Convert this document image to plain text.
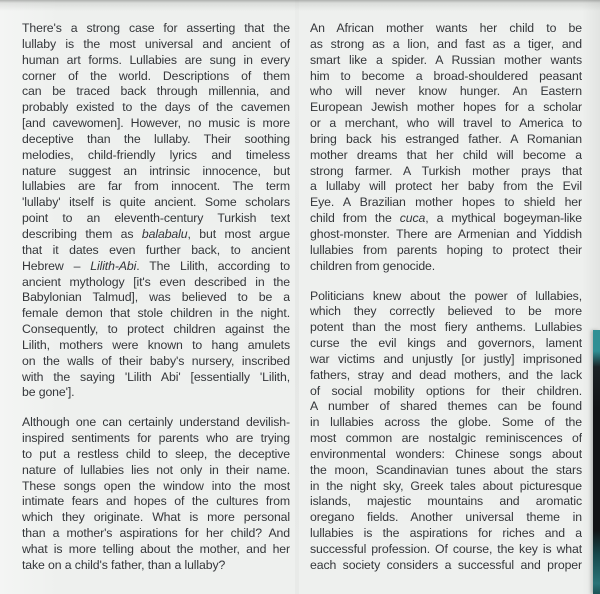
There's a strong case for asserting that the
lullaby is the most universal and ancient of
human art forms. Lullabies are sung in every
corner of the world. Descriptions of them
can be traced back through millennia, and
probably existed to the days of the cavemen
[and cavewomen]. However, no music is more
deceptive than the lullaby. Their soothing
melodies, child-friendly lyrics and timeless
nature suggest an intrinsic innocence, but
lullabies are far from innocent. The term
'lullaby' itself is quite ancient. Some scholars
point to an eleventh-century Turkish text
describing them as balabalu, but most argue
that it dates even further back, to ancient
Hebrew – Lilith-Abi. The Lilith, according to
ancient mythology [it's even described in the
Babylonian Talmud], was believed to be a
female demon that stole children in the night.
Consequently, to protect children against the
Lilith, mothers were known to hang amulets
on the walls of their baby's nursery, inscribed
with the saying 'Lilith Abi' [essentially 'Lilith,
be gone'].
Although one can certainly understand devilish-
inspired sentiments for parents who are trying
to put a restless child to sleep, the deceptive
nature of lullabies lies not only in their name.
These songs open the window into the most
intimate fears and hopes of the cultures from
which they originate. What is more personal
than a mother's aspirations for her child? And
what is more telling about the mother, and her
take on a child's father, than a lullaby?
An African mother wants her child to be
as strong as a lion, and fast as a tiger, and
smart like a spider. A Russian mother wants
him to become a broad-shouldered peasant
who will never know hunger. An Eastern
European Jewish mother hopes for a scholar
or a merchant, who will travel to America to
bring back his estranged father. A Romanian
mother dreams that her child will become a
strong farmer. A Turkish mother prays that
a lullaby will protect her baby from the Evil
Eye. A Brazilian mother hopes to shield her
child from the cuca, a mythical bogeyman-like
ghost-monster. There are Armenian and Yiddish
lullabies from parents hoping to protect their
children from genocide.
Politicians knew about the power of lullabies,
which they correctly believed to be more
potent than the most fiery anthems. Lullabies
curse the evil kings and governors, lament
war victims and unjustly [or justly] imprisoned
fathers, stray and dead mothers, and the lack
of social mobility options for their children.
A number of shared themes can be found
in lullabies across the globe. Some of the
most common are nostalgic reminiscences of
environmental wonders: Chinese songs about
the moon, Scandinavian tunes about the stars
in the night sky, Greek tales about picturesque
islands, majestic mountains and aromatic
oregano fields. Another universal theme in
lullabies is the aspirations for riches and a
successful profession. Of course, the key is what
each society considers a successful and proper
